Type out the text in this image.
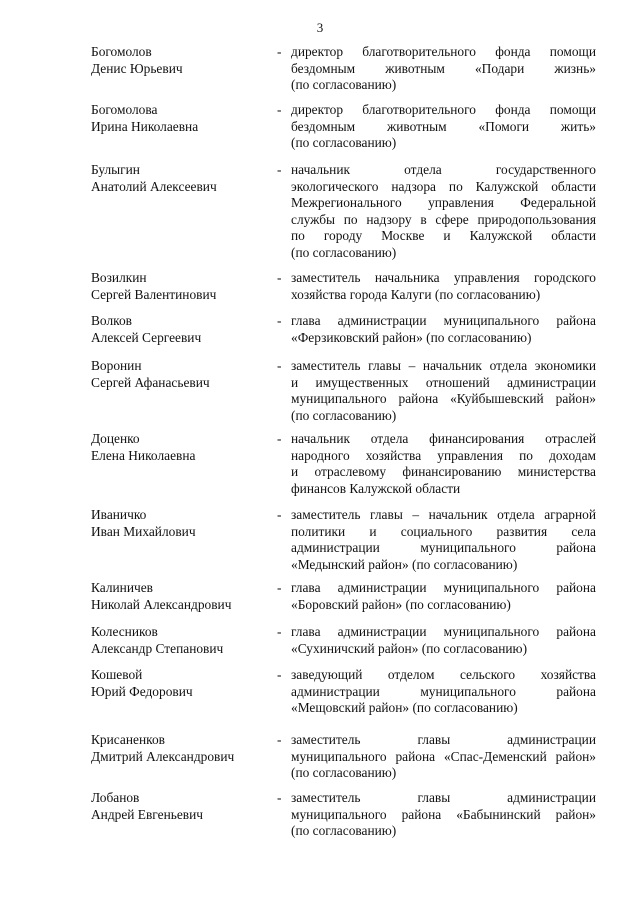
3
Богомолов
Денис Юрьевич
- директор благотворительного фонда помощи
бездомным животным «Подари жизнь»
(по согласованию)
Богомолова
Ирина Николаевна
- директор благотворительного фонда помощи
бездомным животным «Помоги жить»
(по согласованию)
Булыгин
Анатолий Алексеевич
- начальник отдела государственного
экологического надзора по Калужской области
Межрегионального управления Федеральной
службы по надзору в сфере природопользования
по городу Москве и Калужской области
(по согласованию)
Возилкин
Сергей Валентинович
- заместитель начальника управления городского
хозяйства города Калуги (по согласованию)
Волков
Алексей Сергеевич
- глава администрации муниципального района
«Ферзиковский район» (по согласованию)
Воронин
Сергей Афанасьевич
- заместитель главы – начальник отдела экономики
и имущественных отношений администрации
муниципального района «Куйбышевский район»
(по согласованию)
Доценко
Елена Николаевна
- начальник отдела финансирования отраслей
народного хозяйства управления по доходам
и отраслевому финансированию министерства
финансов Калужской области
Иваничко
Иван Михайлович
- заместитель главы – начальник отдела аграрной
политики и социального развития села
администрации муниципального района
«Медынский район» (по согласованию)
Калиничев
Николай Александрович
- глава администрации муниципального района
«Боровский район» (по согласованию)
Колесников
Александр Степанович
- глава администрации муниципального района
«Сухиничский район» (по согласованию)
Кошевой
Юрий Федорович
- заведующий отделом сельского хозяйства
администрации муниципального района
«Мещовский район» (по согласованию)
Крисаненков
Дмитрий Александрович
- заместитель главы администрации
муниципального района «Спас-Деменский район»
(по согласованию)
Лобанов
Андрей Евгеньевич
- заместитель главы администрации
муниципального района «Бабынинский район»
(по согласованию)
